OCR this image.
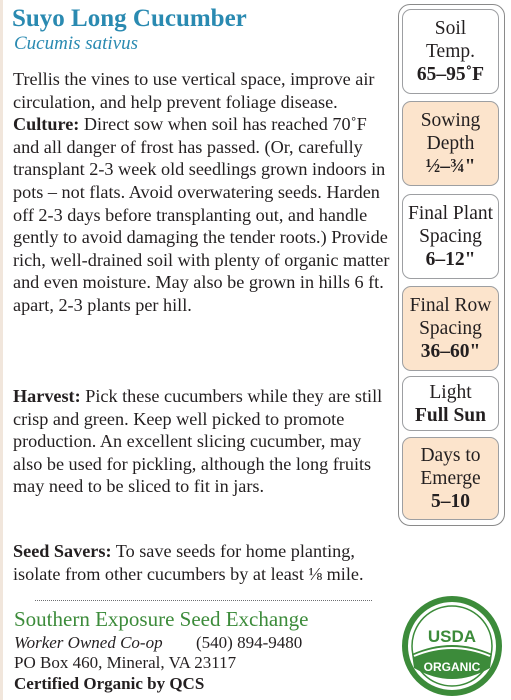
Suyo Long Cucumber
Cucumis sativus
Trellis the vines to use vertical space, improve air circulation, and help prevent foliage disease. Culture: Direct sow when soil has reached 70˚F and all danger of frost has passed. (Or, carefully transplant 2-3 week old seedlings grown indoors in pots – not flats. Avoid overwatering seeds. Harden off 2-3 days before transplanting out, and handle gently to avoid damaging the tender roots.) Provide rich, well-drained soil with plenty of organic matter and even moisture. May also be grown in hills 6 ft. apart, 2-3 plants per hill.
Harvest: Pick these cucumbers while they are still crisp and green. Keep well picked to promote production. An excellent slicing cucumber, may also be used for pickling, although the long fruits may need to be sliced to fit in jars.
Seed Savers: To save seeds for home planting, isolate from other cucumbers by at least ⅛ mile.
Southern Exposure Seed Exchange
Worker Owned Co-op (540) 894-9480
PO Box 460, Mineral, VA 23117
Certified Organic by QCS
Soil
Temp.
65–95˚F
Sowing
Depth
½–¾"
Final Plant
Spacing
6–12"
Final Row
Spacing
36–60"
Light
Full Sun
Days to
Emerge
5–10
USDA
ORGANIC
